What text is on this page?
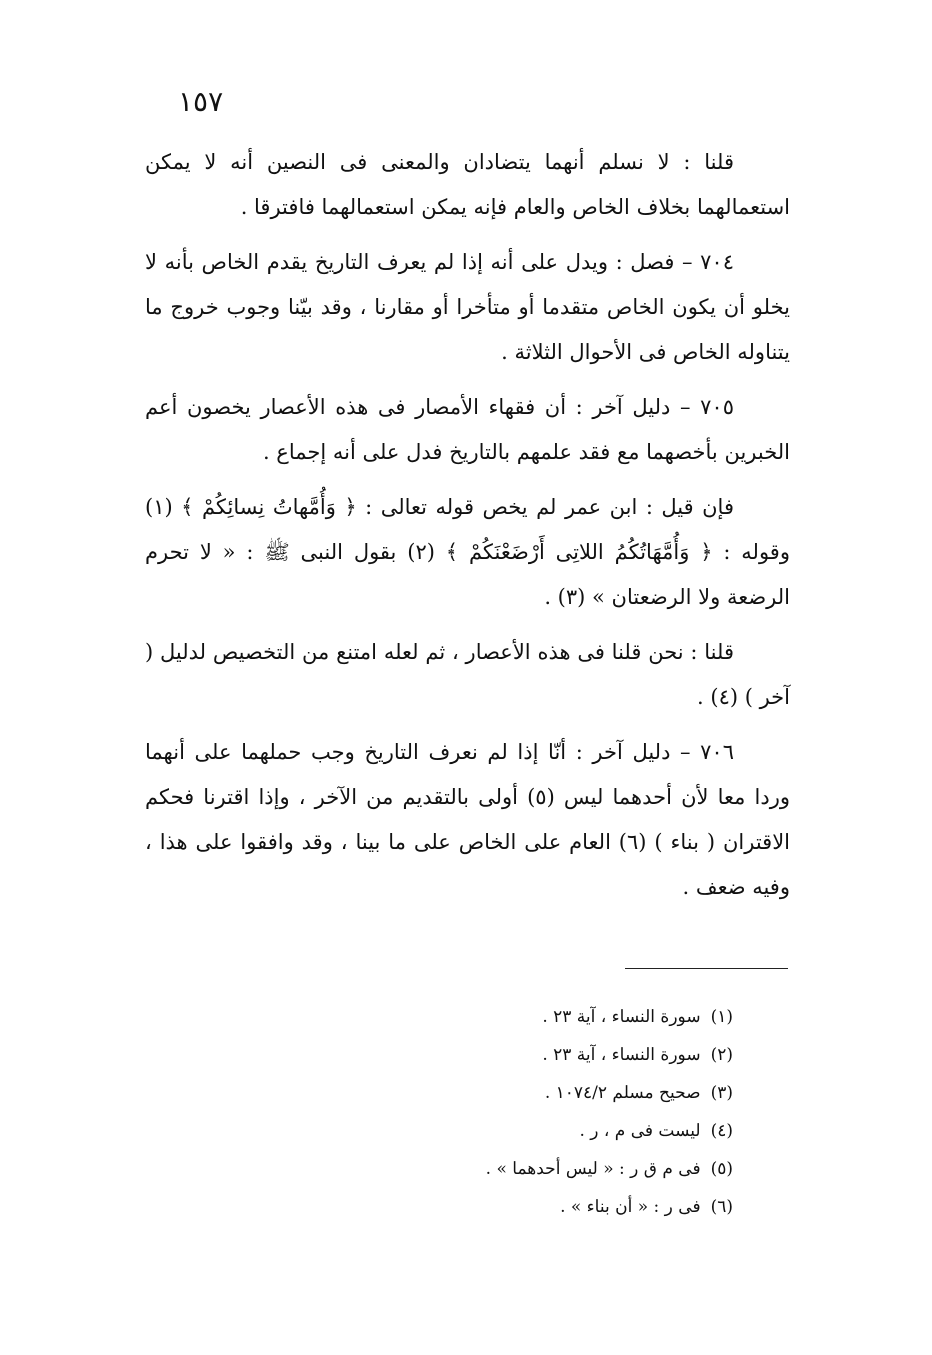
١٥٧

قلنا : لا نسلم أنهما يتضادان والمعنى فى النصين أنه لا يمكن استعمالهما بخلاف الخاص والعام فإنه يمكن استعمالهما فافترقا .

٧٠٤ – فصل : ويدل على أنه إذا لم يعرف التاريخ يقدم الخاص بأنه لا يخلو أن يكون الخاص متقدما أو متأخرا أو مقارنا ، وقد بيّنا وجوب خروج ما يتناوله الخاص فى الأحوال الثلاثة .

٧٠٥ – دليل آخر : أن فقهاء الأمصار فى هذه الأعصار يخصون أعم الخبرين بأخصهما مع فقد علمهم بالتاريخ فدل على أنه إجماع .

فإن قيل : ابن عمر لم يخص قوله تعالى : ﴿ وَأُمَّهاتُ نِسائِكُمْ ﴾ (١) وقوله : ﴿ وَأُمَّهَاتُكُمُ اللاتِى أَرْضَعْنَكُمْ ﴾ (٢) بقول النبى ﷺ : « لا تحرم الرضعة ولا الرضعتان » (٣) .

قلنا : نحن قلنا فى هذه الأعصار ، ثم لعله امتنع من التخصيص لدليل ( آخر ) (٤) .

٧٠٦ – دليل آخر : أنّا إذا لم نعرف التاريخ وجب حملهما على أنهما وردا معا لأن أحدهما ليس (٥) أولى بالتقديم من الآخر ، وإذا اقترنا فحكم الاقتران ( بناء ) (٦) العام على الخاص على ما بينا ، وقد وافقوا على هذا ، وفيه ضعف .

(١)سورة النساء ، آية ٢٣ .
(٢)سورة النساء ، آية ٢٣ .
(٣)صحيح مسلم ١٠٧٤/٢ .
(٤)ليست فى م ، ر .
(٥)فى م ق ر : « ليس أحدهما » .
(٦)فى ر : « أن بناء » .
